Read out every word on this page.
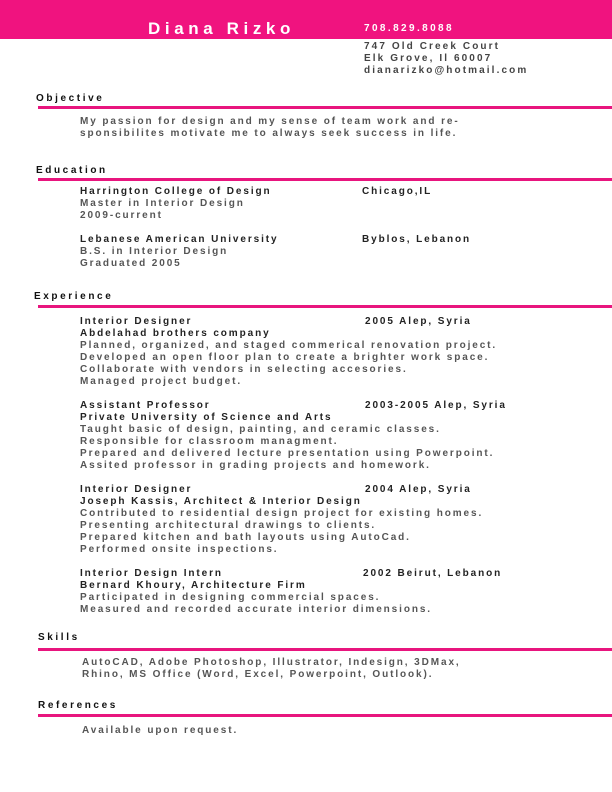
Diana Rizko	708.829.8088
747 Old Creek Court
Elk Grove, Il 60007
dianarizko@hotmail.com
Objective
My passion for design and my sense of team work and re-
sponsibilites motivate me to always seek success in life.
Education
Harrington College of Design	Chicago,IL
Master in Interior Design
2009-current
Lebanese American University	Byblos, Lebanon
B.S. in Interior Design
Graduated 2005
Experience
Interior Designer	2005 Alep, Syria
Abdelahad brothers company
Planned, organized, and staged commerical renovation project.
Developed an open floor plan to create a brighter work space.
Collaborate with vendors in selecting accesories.
Managed project budget.
Assistant Professor	2003-2005 Alep, Syria
Private University of Science and Arts
Taught basic of design, painting, and ceramic classes.
Responsible for classroom managment.
Prepared and delivered lecture presentation using Powerpoint.
Assited professor in grading projects and homework.
Interior Designer	2004 Alep, Syria
Joseph Kassis, Architect & Interior Design
Contributed to residential design project for existing homes.
Presenting architectural drawings to clients.
Prepared kitchen and bath layouts using AutoCad.
Performed onsite inspections.
Interior Design Intern	2002 Beirut, Lebanon
Bernard Khoury, Architecture Firm
Participated in designing commercial spaces.
Measured and recorded accurate interior dimensions.
Skills
AutoCAD, Adobe Photoshop, Illustrator, Indesign, 3DMax,
Rhino, MS Office (Word, Excel, Powerpoint, Outlook).
References
Available upon request.
